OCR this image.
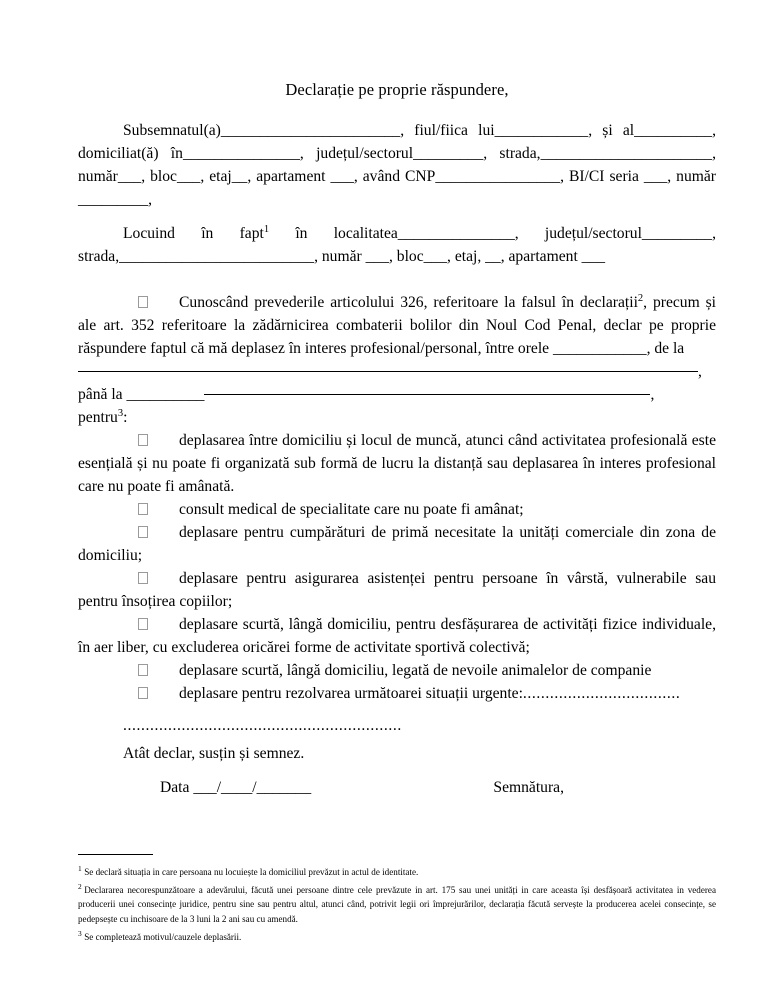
Declarație pe proprie răspundere,

Subsemnatul(a)_______________________, fiul/fiica lui____________, și al__________, domiciliat(ă) în_______________, județul/sectorul_________, strada,______________________, număr___, bloc___, etaj__, apartament ___, având CNP________________, BI/CI seria ___, număr _________,

Locuind în fapt$^1$ în localitatea_______________, județul/sectorul_________, strada,_________________________, număr ___, bloc___, etaj, __, apartament ___

Cunoscând prevederile articolului 326, referitoare la falsul în declarații$^2$, precum și ale art. 352 referitoare la zădărnicirea combaterii bolilor din Noul Cod Penal, declar pe proprie răspundere faptul că mă deplasez în interes profesional/personal, între orele ____________, de la

,
până la __________	,

pentru$^3$:

deplasarea între domiciliu și locul de muncă, atunci când activitatea profesională este esențială și nu poate fi organizată sub formă de lucru la distanță sau deplasarea în interes profesional care nu poate fi amânată.

consult medical de specialitate care nu poate fi amânat;

deplasare pentru cumpărături de primă necesitate la unități comerciale din zona de domiciliu;

deplasare pentru asigurarea asistenței pentru persoane în vârstă, vulnerabile sau pentru însoțirea copiilor;

deplasare scurtă, lângă domiciliu, pentru desfășurarea de activități fizice individuale, în aer liber, cu excluderea oricărei forme de activitate sportivă colectivă;

deplasare scurtă, lângă domiciliu, legată de nevoile animalelor de companie

deplasare pentru rezolvarea următoarei situații urgente:...................................

..............................................................

Atât declar, susțin și semnez.

Data ___/____/_______	Semnătura,

$^1$ Se declară situația in care persoana nu locuiește la domiciliul prevăzut in actul de identitate.

$^2$ Declararea necorespunzătoare a adevărului, făcută unei persoane dintre cele prevăzute in art. 175 sau unei unități in care aceasta își desfășoară activitatea in vederea producerii unei consecințe juridice, pentru sine sau pentru altul, atunci când, potrivit legii ori împrejurărilor, declarația făcută servește la producerea acelei consecințe, se pedepsește cu inchisoare de la 3 luni la 2 ani sau cu amendă.

$^3$ Se completează motivul/cauzele deplasării.
